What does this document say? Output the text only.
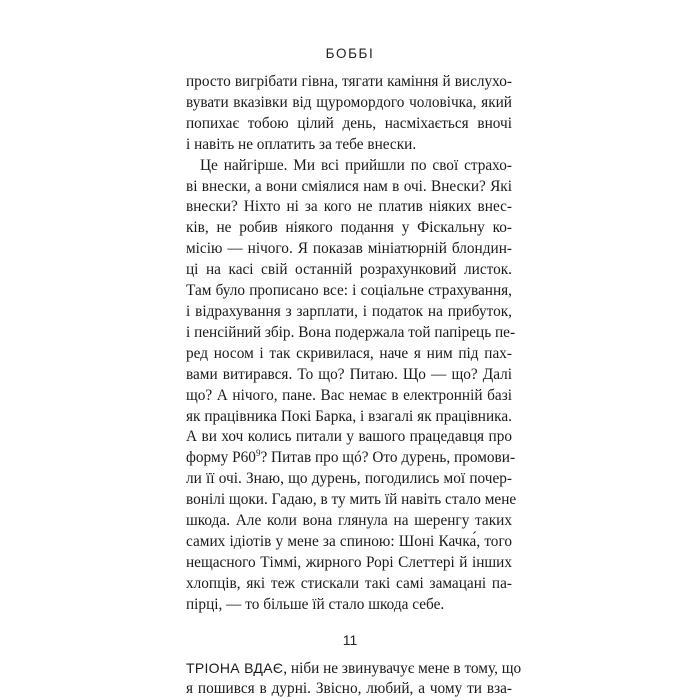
БОББІ

просто вигрібати гівна, тягати каміння й вислухо-
вувати вказівки від щуромордого чоловічка, який
попихає тобою цілий день, насміхається вночі
і навіть не оплатить за тебе внески.

Це найгірше. Ми всі прийшли по свої страхо-
ві внески, а вони сміялися нам в очі. Внески? Які
внески? Ніхто ні за кого не платив ніяких внес-
ків, не робив ніякого подання у Фіскальну ко-
місію — нічого. Я показав мініатюрній блондин-
ці на касі свій останній розрахунковий листок.
Там було прописано все: і соціальне страхування,
і відрахування з зарплати, і податок на прибуток,
і пенсійний збір. Вона подержала той папірець пе-
ред носом і так скривилася, наче я ним під пах-
вами витирався. То що? Питаю. Що — що? Далі
що? А нічого, пане. Вас немає в електронній базі
як працівника Покі Барка, і взагалі як працівника.
А ви хоч колись питали у вашого працедавця про
форму Р60$^9$? Питав про щó? Ото дурень, промови-
ли її очі. Знаю, що дурень, погодились мої почер-
вонілі щоки. Гадаю, в ту мить їй навіть стало мене
шкода. Але коли вона глянула на шеренгу таких
самих ідіотів у мене за спиною: Шоні Качка́, того
нещасного Тіммі, жирного Рорі Слеттері й інших
хлопців, які теж стискали такі самі замацані па-
пірці, — то більше їй стало шкода себе.

ТРІОНА ВДАЄ, ніби не звинувачує мене в тому, що
я пошився в дурні. Звісно, любий, а чому ти вза-

11
